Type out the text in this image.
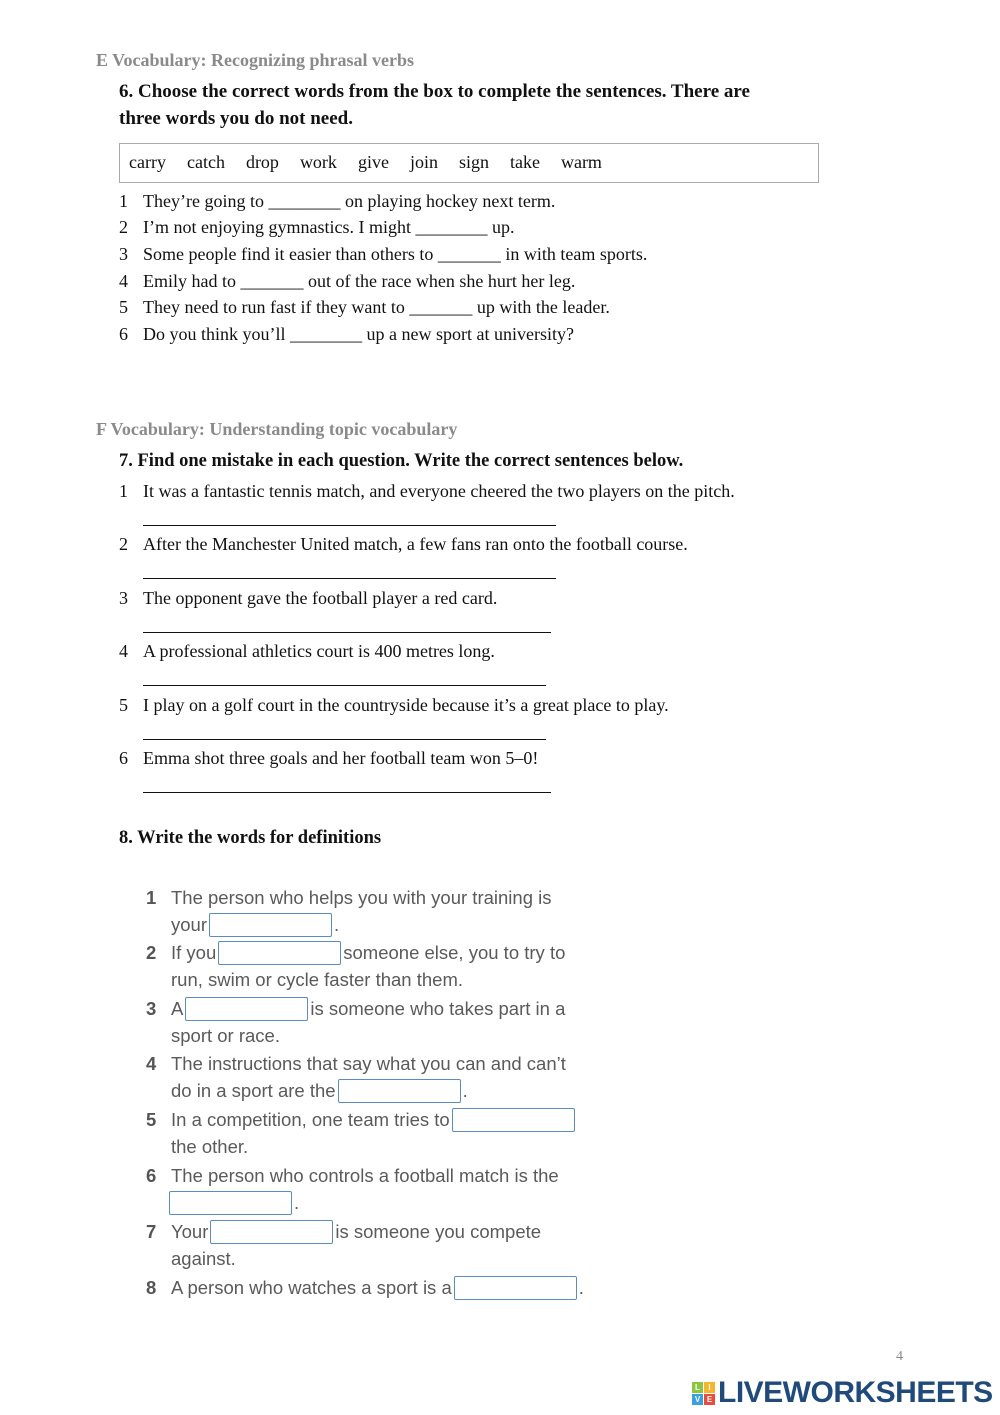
E Vocabulary: Recognizing phrasal verbs
6. Choose the correct words from the box to complete the sentences. There are
three words you do not need.
carry catch drop work give join sign take warm
F Vocabulary: Understanding topic vocabulary
7. Find one mistake in each question. Write the correct sentences below.
8. Write the words for definitions
1 The person who helps you with your training is
your	.
2 If you	someone else, you to try to
run, swim or cycle faster than them.
3 A	is someone who takes part in a
sport or race.
4 The instructions that say what you can and can’t
do in a sport are the	.
5 In a competition, one team tries to
the other.
6 The person who controls a football match is the
.
7 Your	is someone you compete
against.
8 A person who watches a sport is a	.
4
L	I
V E LIVEWORKSHEETS
1 They’re going to ________ on playing hockey next term.
2 I’m not enjoying gymnastics. I might ________ up.
3 Some people find it easier than others to _______ in with team sports.
4 Emily had to _______ out of the race when she hurt her leg.
5 They need to run fast if they want to _______ up with the leader.
6 Do you think you’ll ________ up a new sport at university?
1 It was a fantastic tennis match, and everyone cheered the two players on the pitch.
2 After the Manchester United match, a few fans ran onto the football course.
3 The opponent gave the football player a red card.
4 A professional athletics court is 400 metres long.
5 I play on a golf court in the countryside because it’s a great place to play.
6 Emma shot three goals and her football team won 5–0!
